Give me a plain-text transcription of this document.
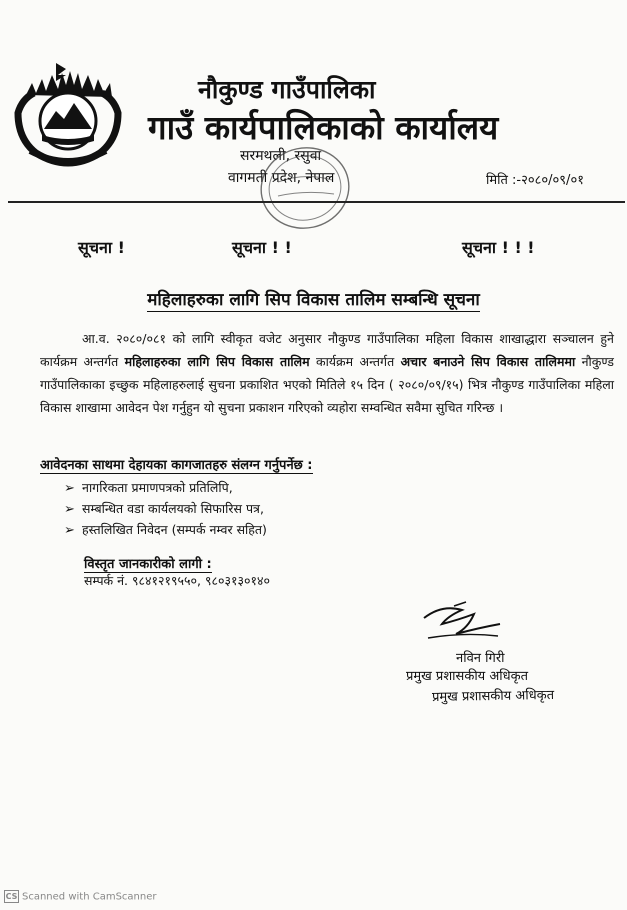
नौकुण्ड गाउँपालिका
गाउँ कार्यपालिकाको कार्यालय
सरमथली, रसुवा
वागमती प्रदेश, नेपाल	मिति :-२०८०/०९/०१
सूचना !	सूचना ! !	सूचना ! ! !
महिलाहरुका लागि सिप विकास तालिम सम्बन्धि सूचना

आ.व. २०८०/०८१ को लागि स्वीकृत वजेट अनुसार नौकुण्ड गाउँपालिका महिला विकास शाखाद्धारा सञ्चालन हुने कार्यक्रम अन्तर्गत महिलाहरुका लागि सिप विकास तालिम कार्यक्रम अन्तर्गत अचार बनाउने सिप विकास तालिममा नौकुण्ड गाउँपालिकाका इच्छुक महिलाहरुलाई सुचना प्रकाशित भएको मितिले १५ दिन ( २०८०/०९/१५) भित्र नौकुण्ड गाउँपालिका महिला विकास शाखामा आवेदन पेश गर्नुहुन यो सुचना प्रकाशन गरिएको व्यहोरा सम्वन्धित सवैमा सुचित गरिन्छ ।

आवेदनका साथमा देहायका कागजातहरु संलग्न गर्नुपर्नेछ :
➢ नागरिकता प्रमाणपत्रको प्रतिलिपि,
➢ सम्बन्धित वडा कार्यलयको सिफारिस पत्र,
➢ हस्तलिखित निवेदन (सम्पर्क नम्वर सहित)
विस्तृत जानकारीको लागी :
सम्पर्क नं. ९८४१२१९५५०, ९८०३१३०१४०
नविन गिरी
प्रमुख प्रशासकीय अधिकृत
प्रमुख प्रशासकीय अधिकृत
CS Scanned with CamScanner
